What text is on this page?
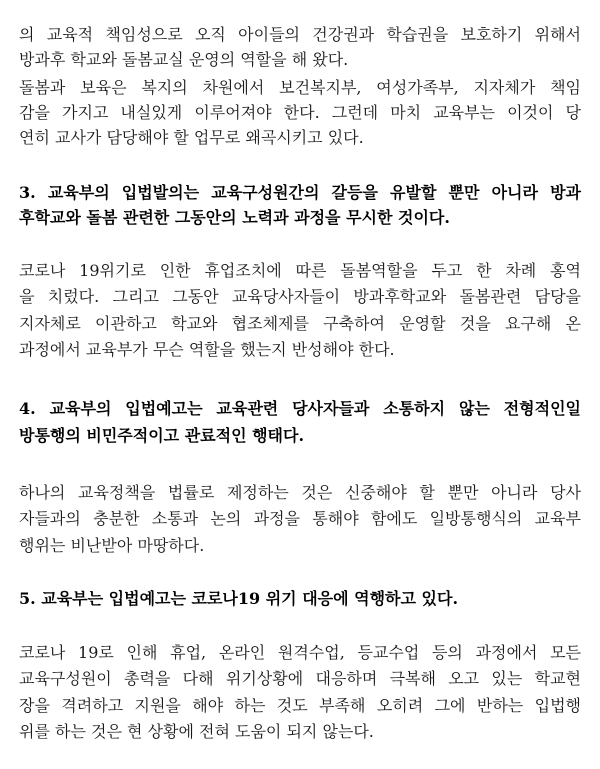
의 교육적 책임성으로 오직 아이들의 건강권과 학습권을 보호하기 위해서
방과후 학교와 돌봄교실 운영의 역할을 해 왔다.
돌봄과 보육은 복지의 차원에서 보건복지부, 여성가족부, 지자체가 책임
감을 가지고 내실있게 이루어져야 한다. 그런데 마치 교육부는 이것이 당
연히 교사가 담당해야 할 업무로 왜곡시키고 있다.
3. 교육부의 입법발의는 교육구성원간의 갈등을 유발할 뿐만 아니라 방과
후학교와 돌봄 관련한 그동안의 노력과 과정을 무시한 것이다.
코로나 19위기로 인한 휴업조치에 따른 돌봄역할을 두고 한 차례 홍역
을 치렀다. 그리고 그동안 교육당사자들이 방과후학교와 돌봄관련 담당을
지자체로 이관하고 학교와 협조체제를 구축하여 운영할 것을 요구해 온
과정에서 교육부가 무슨 역할을 했는지 반성해야 한다.
4. 교육부의 입법예고는 교육관련 당사자들과 소통하지 않는 전형적인일
방통행의 비민주적이고 관료적인 행태다.
하나의 교육정책을 법률로 제정하는 것은 신중해야 할 뿐만 아니라 당사
자들과의 충분한 소통과 논의 과정을 통해야 함에도 일방통행식의 교육부
행위는 비난받아 마땅하다.
5. 교육부는 입법예고는 코로나19 위기 대응에 역행하고 있다.
코로나 19로 인해 휴업, 온라인 원격수업, 등교수업 등의 과정에서 모든
교육구성원이 총력을 다해 위기상황에 대응하며 극복해 오고 있는 학교현
장을 격려하고 지원을 해야 하는 것도 부족해 오히려 그에 반하는 입법행
위를 하는 것은 현 상황에 전혀 도움이 되지 않는다.
